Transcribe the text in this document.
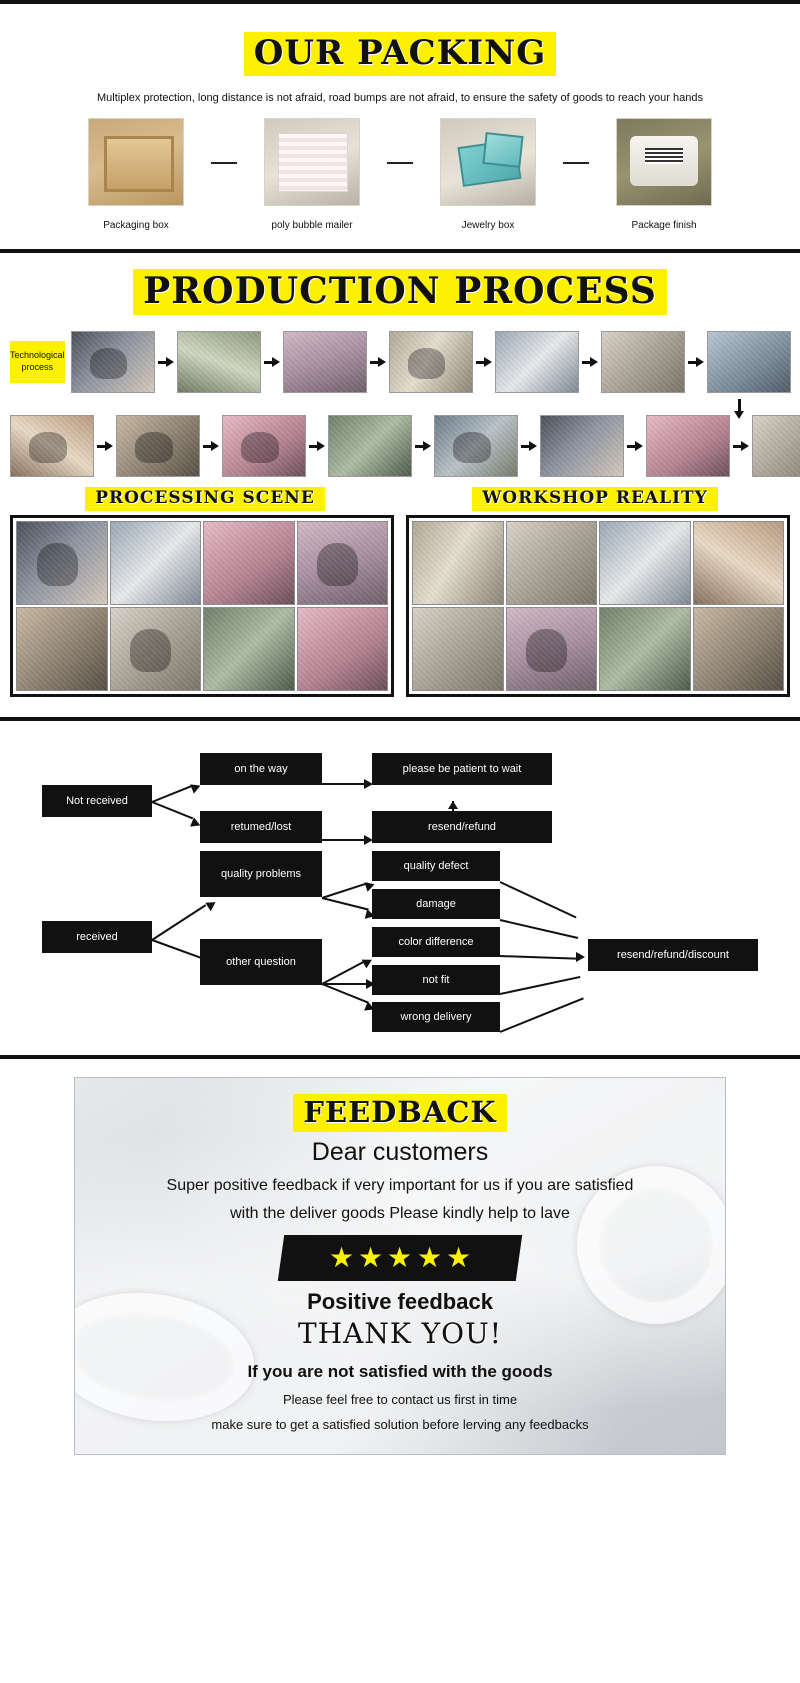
OUR PACKING
Multiplex protection, long distance is not afraid, road bumps are not afraid, to ensure the safety of goods to reach your hands
Packaging box	poly bubble mailer	Jewelry box	Package finish
PRODUCTION PROCESS
Technological
process
PROCESSING SCENE	WORKSHOP REALITY
Not received
on the way
retumed/lost
please be patient to wait
resend/refund
received
quality problems
other question
quality defect
damage
color difference
not fit
wrong delivery
resend/refund/discount
FEEDBACK
Dear customers
Super positive feedback if very important for us if you are satisfied
with the deliver goods Please kindly help to lave
★ ★ ★ ★ ★
Positive feedback
THANK YOU!
If you are not satisfied with the goods
Please feel free to contact us first in time
make sure to get a satisfied solution before lerving any feedbacks
